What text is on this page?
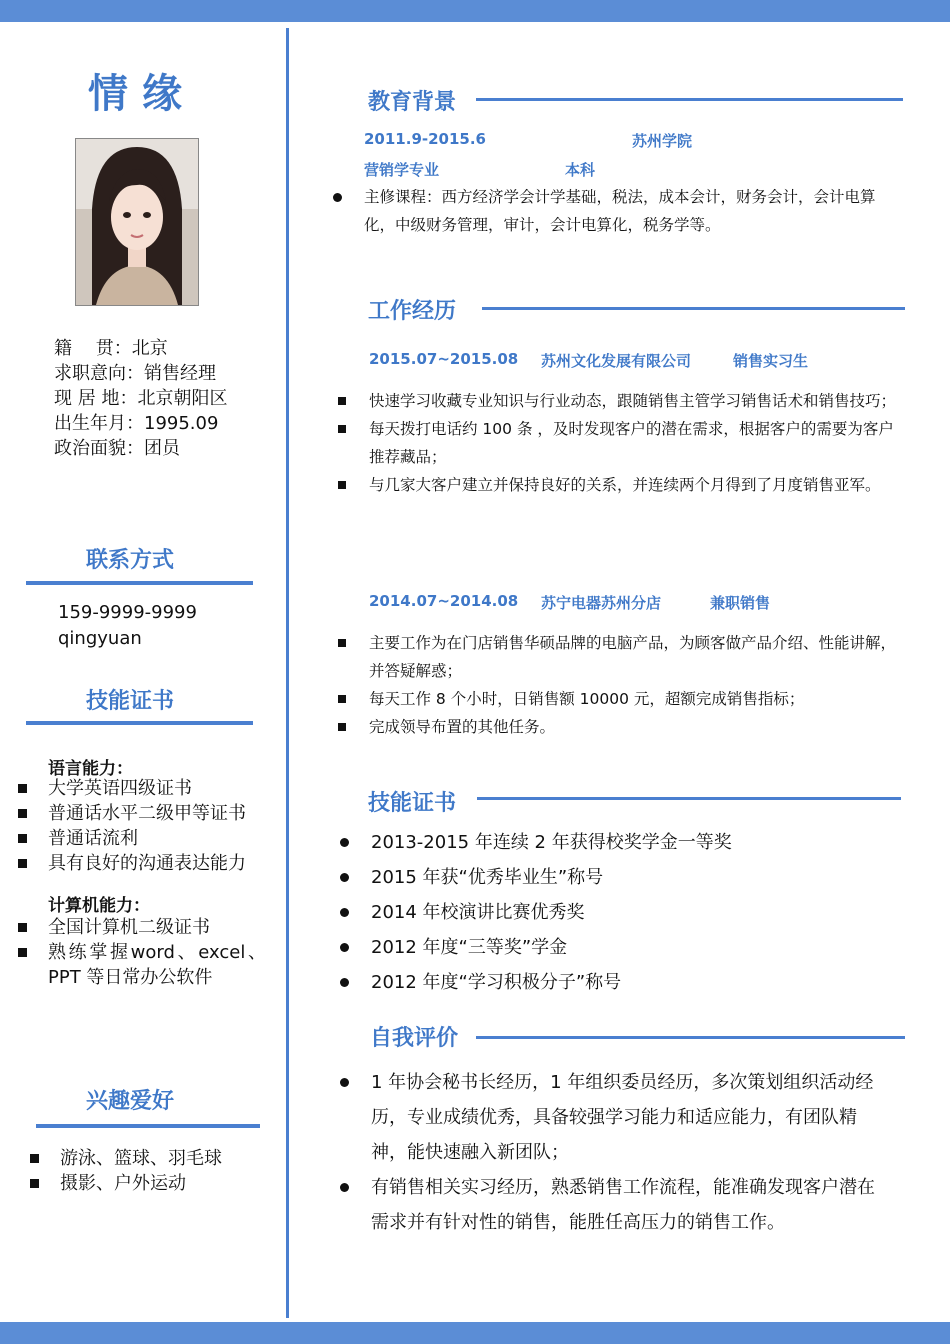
情缘
籍　 贯：北京
求职意向：销售经理
现 居 地：北京朝阳区
出生年月：1995.09
政治面貌：团员
联系方式
159-9999-9999
qingyuan
技能证书
语言能力：
大学英语四级证书
普通话水平二级甲等证书
普通话流利
具有良好的沟通表达能力
计算机能力：
全国计算机二级证书
熟练掌握word、excel、PPT 等日常办公软件
兴趣爱好
游泳、篮球、羽毛球
摄影、户外运动
教育背景
2011.9-2015.6	苏州学院
营销学专业	本科
主修课程：西方经济学会计学基础，税法，成本会计，财务会计，会计电算化，中级财务管理，审计，会计电算化，税务学等。
工作经历
2015.07~2015.08 苏州文化发展有限公司	销售实习生
快速学习收藏专业知识与行业动态，跟随销售主管学习销售话术和销售技巧；
每天拨打电话约 100 条 ，及时发现客户的潜在需求，根据客户的需要为客户推荐藏品；
与几家大客户建立并保持良好的关系，并连续两个月得到了月度销售亚军。
2014.07~2014.08 苏宁电器苏州分店	兼职销售
主要工作为在门店销售华硕品牌的电脑产品，为顾客做产品介绍、性能讲解，并答疑解惑；
每天工作 8 个小时，日销售额 10000 元，超额完成销售指标；
完成领导布置的其他任务。
技能证书
2013-2015 年连续 2 年获得校奖学金一等奖
2015 年获“优秀毕业生”称号
2014 年校演讲比赛优秀奖
2012 年度“三等奖”学金
2012 年度“学习积极分子”称号
自我评价
1 年协会秘书长经历，1 年组织委员经历，多次策划组织活动经历，专业成绩优秀，具备较强学习能力和适应能力，有团队精神，能快速融入新团队；
有销售相关实习经历，熟悉销售工作流程，能准确发现客户潜在需求并有针对性的销售，能胜任高压力的销售工作。
